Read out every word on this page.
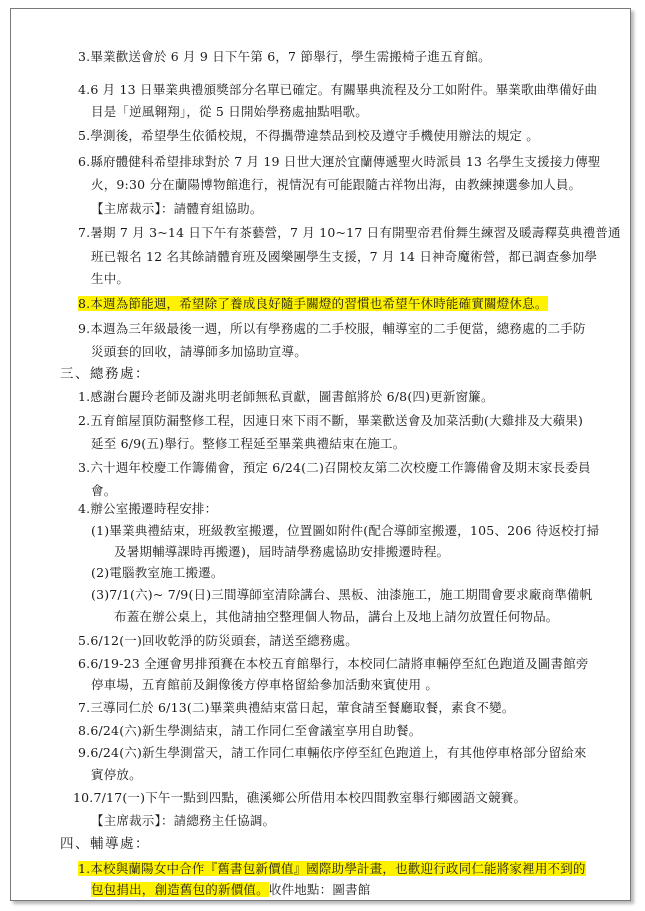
3.畢業歡送會於 6 月 9 日下午第 6，7 節舉行，學生需搬椅子進五育館。
4.6 月 13 日畢業典禮頒獎部分名單已確定。有關畢典流程及分工如附件。畢業歌曲準備好曲
目是「逆風翱翔」，從 5 日開始學務處抽點唱歌。
5.學測後，希望學生依循校規，不得攜帶違禁品到校及遵守手機使用辦法的規定 。
6.縣府體健科希望排球對於 7 月 19 日世大運於宜蘭傳遞聖火時派員 13 名學生支援接力傳聖
火，9:30 分在蘭陽博物館進行，視情況有可能跟隨古祥物出海，由教練揀選參加人員。
【主席裁示】：請體育組協助。
7.暑期 7 月 3~14 日下午有茶藝營，7 月 10~17 日有開聖帝君佾舞生練習及暖壽釋莫典禮普通
班已報名 12 名其餘請體育班及國樂團學生支援，7 月 14 日神奇魔術營，都已調查參加學
生中。
8.本週為節能週，希望除了養成良好隨手關燈的習慣也希望午休時能確實關燈休息。
9.本週為三年級最後一週，所以有學務處的二手校服，輔導室的二手便當，總務處的二手防
災頭套的回收，請導師多加協助宣導。
三、總務處：
1.感謝台麗玲老師及謝兆明老師無私貢獻，圖書館將於 6/8(四)更新窗簾。
2.五育館屋頂防漏整修工程，因連日來下雨不斷，畢業歡送會及加菜活動(大雞排及大蘋果)
延至 6/9(五)舉行。整修工程延至畢業典禮結束在施工。
3.六十週年校慶工作籌備會，預定 6/24(二)召開校友第二次校慶工作籌備會及期末家長委員
會。
4.辦公室搬遷時程安排：
(1)畢業典禮結束，班級教室搬遷，位置圖如附件(配合導師室搬遷，105、206 待返校打掃
及暑期輔導課時再搬遷)，屆時請學務處協助安排搬遷時程。
(2)電腦教室施工搬遷。
(3)7/1(六)~ 7/9(日)三間導師室清除講台、黑板、油漆施工，施工期間會要求廠商準備帆
布蓋在辦公桌上，其他請抽空整理個人物品，講台上及地上請勿放置任何物品。
5.6/12(一)回收乾淨的防災頭套，請送至總務處。
6.6/19-23 全運會男排預賽在本校五育館舉行，本校同仁請將車輛停至紅色跑道及圖書館旁
停車場，五育館前及銅像後方停車格留給參加活動來賓使用 。
7.三導同仁於 6/13(二)畢業典禮結束當日起，葷食請至餐廳取餐，素食不變。
8.6/24(六)新生學測結束，請工作同仁至會議室享用自助餐。
9.6/24(六)新生學測當天，請工作同仁車輛依序停至紅色跑道上，有其他停車格部分留給來
賓停放。
10.7/17(一)下午一點到四點，礁溪鄉公所借用本校四間教室舉行鄉國語文競賽。
【主席裁示】：請總務主任協調。
四、輔導處：
1.本校與蘭陽女中合作『舊書包新價值』國際助學計畫，也歡迎行政同仁能將家裡用不到的
包包捐出，創造舊包的新價值。收件地點：圖書館
